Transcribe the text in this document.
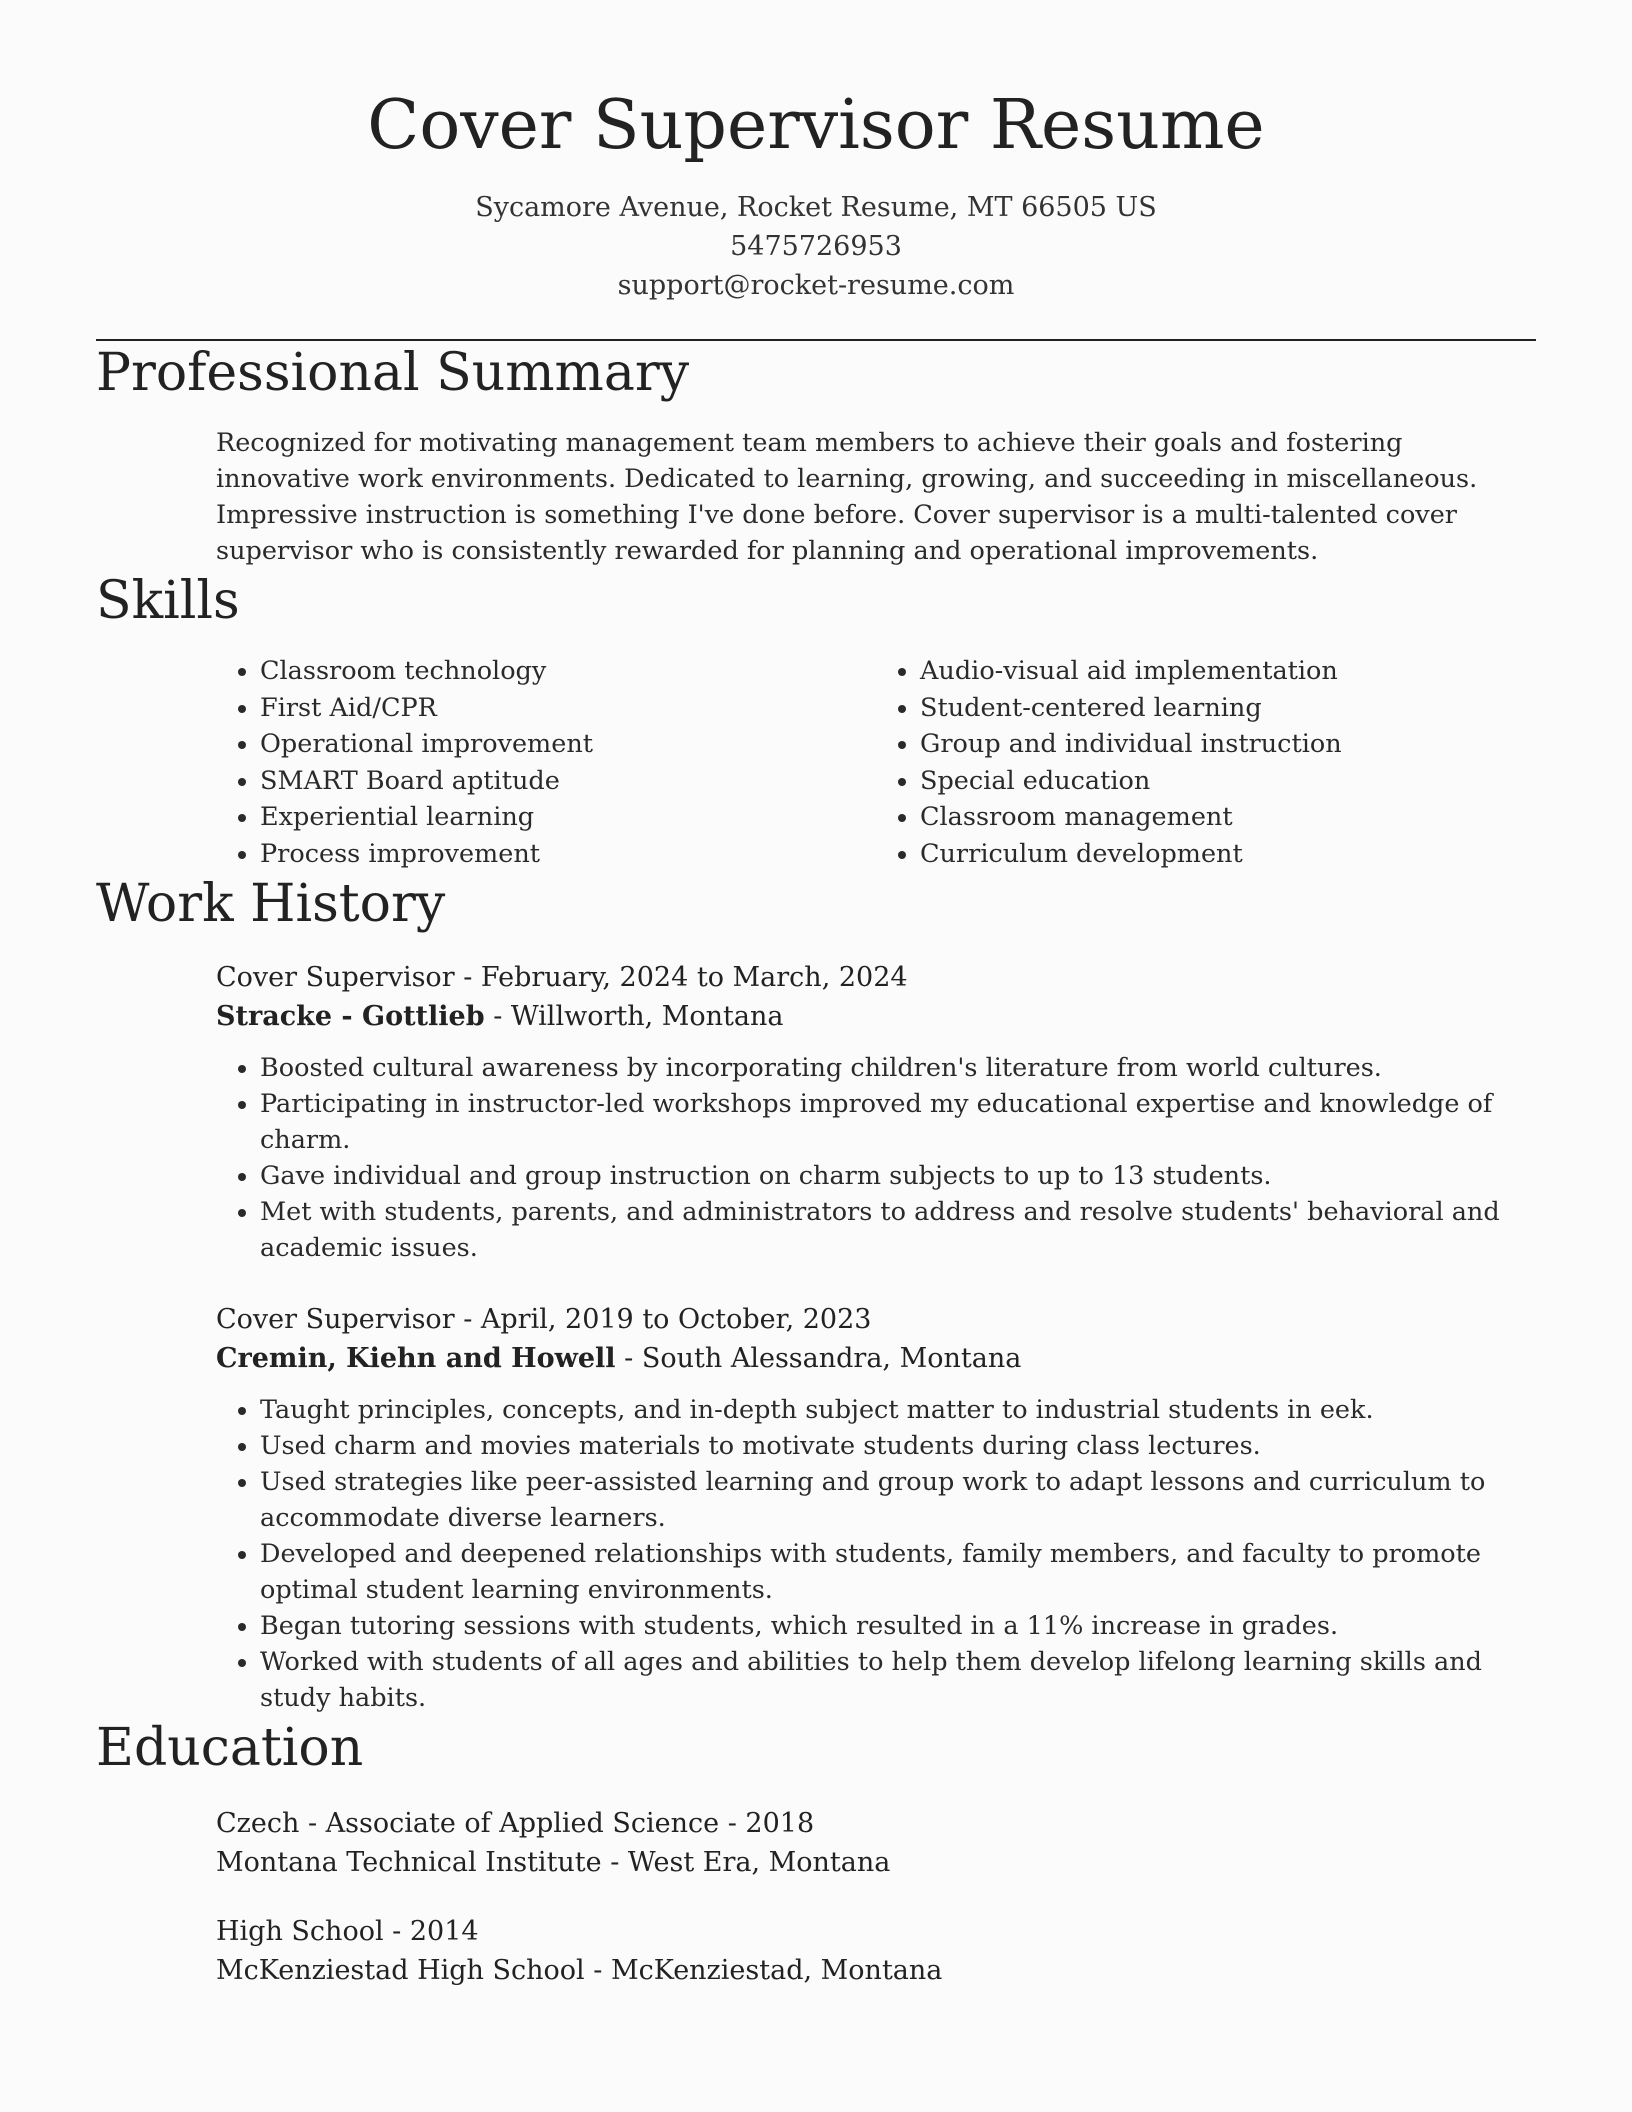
Cover Supervisor Resume
Sycamore Avenue, Rocket Resume, MT 66505 US
5475726953
support@rocket-resume.com
Professional Summary

Recognized for motivating management team members to achieve their goals and fostering innovative work environments. Dedicated to learning, growing, and succeeding in miscellaneous. Impressive instruction is something I've done before. Cover supervisor is a multi-talented cover supervisor who is consistently rewarded for planning and operational improvements.

Skills
• Classroom technology
• First Aid/CPR
• Operational improvement
• SMART Board aptitude
• Experiential learning
• Process improvement
• Audio-visual aid implementation
• Student-centered learning
• Group and individual instruction
• Special education
• Classroom management
• Curriculum development
Work History
Cover Supervisor - February, 2024 to March, 2024
Stracke - Gottlieb - Willworth, Montana
• Boosted cultural awareness by incorporating children's literature from world cultures.
• Participating in instructor-led workshops improved my educational expertise and knowledge of charm.
• Gave individual and group instruction on charm subjects to up to 13 students.
• Met with students, parents, and administrators to address and resolve students' behavioral and academic issues.
Cover Supervisor - April, 2019 to October, 2023
Cremin, Kiehn and Howell - South Alessandra, Montana
• Taught principles, concepts, and in-depth subject matter to industrial students in eek.
• Used charm and movies materials to motivate students during class lectures.
• Used strategies like peer-assisted learning and group work to adapt lessons and curriculum to accommodate diverse learners.
• Developed and deepened relationships with students, family members, and faculty to promote optimal student learning environments.
• Began tutoring sessions with students, which resulted in a 11% increase in grades.
• Worked with students of all ages and abilities to help them develop lifelong learning skills and study habits.
Education
Czech - Associate of Applied Science - 2018
Montana Technical Institute - West Era, Montana
High School - 2014
McKenziestad High School - McKenziestad, Montana
